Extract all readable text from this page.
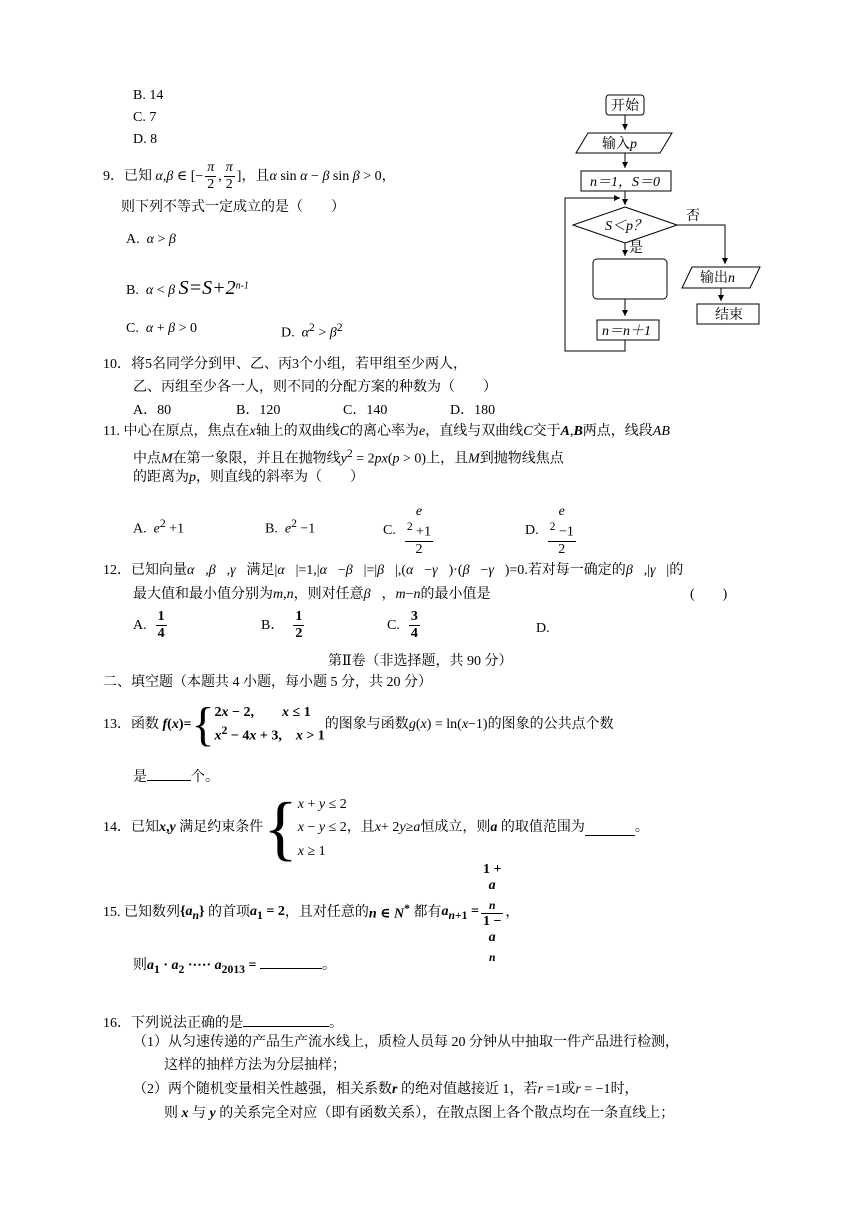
B. 14
C. 7
D. 8
9．已知 α,β ∈ [− $\frac{\pi}{2}$ , $\frac{\pi}{2}$ ]，且α sin α − β sin β > 0，
则下列不等式一定成立的是（　　）
A. α > β
B. α < β $S=S+2^{n-1}$
C. α + β > 0	D. $\alpha^2 > \beta^2$
开始
输入p
n＝1，S＝0
S＜p？
否
是
n＝n＋1
输出n
结束
10．将5名同学分到甲、乙、丙3个小组，若甲组至少两人，
乙、丙组至少各一人，则不同的分配方案的种数为（　　）
A．80	B．120	C．140	D．180
11. 中心在原点，焦点在x轴上的双曲线C的离心率为e，直线与双曲线C交于A,B两点，线段AB
中点M在第一象限，并且在抛物线$y^2 = 2px(p > 0)$上，且M到抛物线焦点
的距离为p，则直线的斜率为（　　）
A. $e^2 +1$	B. $e^2 -1$	C. e
$^2$ +1
2	D. e
$^2$ −1
2
12．已知向量α⃗,β⃗,γ⃗满足|α⃗|=1,|α⃗−β⃗|=|β⃗|,(α⃗−γ⃗)·(β⃗−γ⃗)=0.若对每一确定的β⃗,|γ⃗|的
最大值和最小值分别为m,n，则对任意β⃗，m−n的最小值是	(　　)
A. $\frac{1}{4}$	B． $\frac{1}{2}$	C. $\frac{3}{4}$	D.
第Ⅱ卷（非选择题，共 90 分）
二、填空题（本题共 4 小题，每小题 5 分，共 20 分）
13．函数
f (x)= { 2x − 2,        x ≤ 1
$x^2 - 4x + 3$,    x > 1
的图象与函数 g ( x ) = ln( x −1) 的图象的公共点个数
是	个。
14．已知 x , y
满足约束条件 { x + y ≤ 2
x − y ≤ 2
x ≥ 1
，且 x + 2 y ≥ a 恒成立，则 a
的取值范围为	。
15. 已知数列 $\{a_n\}$
的首项 $a_1 = 2$ ，且对任意的 n ∈ N*
都有 $a_{n+1} = 1$ +
a
$_n$
1 −
a
$_n$ ，
则$a_1 \cdot a_2$ ·⋯· $a_{2013}$ =	。
16．下列说法正确的是	。
（1）从匀速传递的产品生产流水线上，质检人员每 20 分钟从中抽取一件产品进行检测，
这样的抽样方法为分层抽样；
（2）两个随机变量相关性越强，相关系数r 的绝对值越接近 1，若r =1或r = −1时，
则 x 与 y 的关系完全对应（即有函数关系），在散点图上各个散点均在一条直线上；
